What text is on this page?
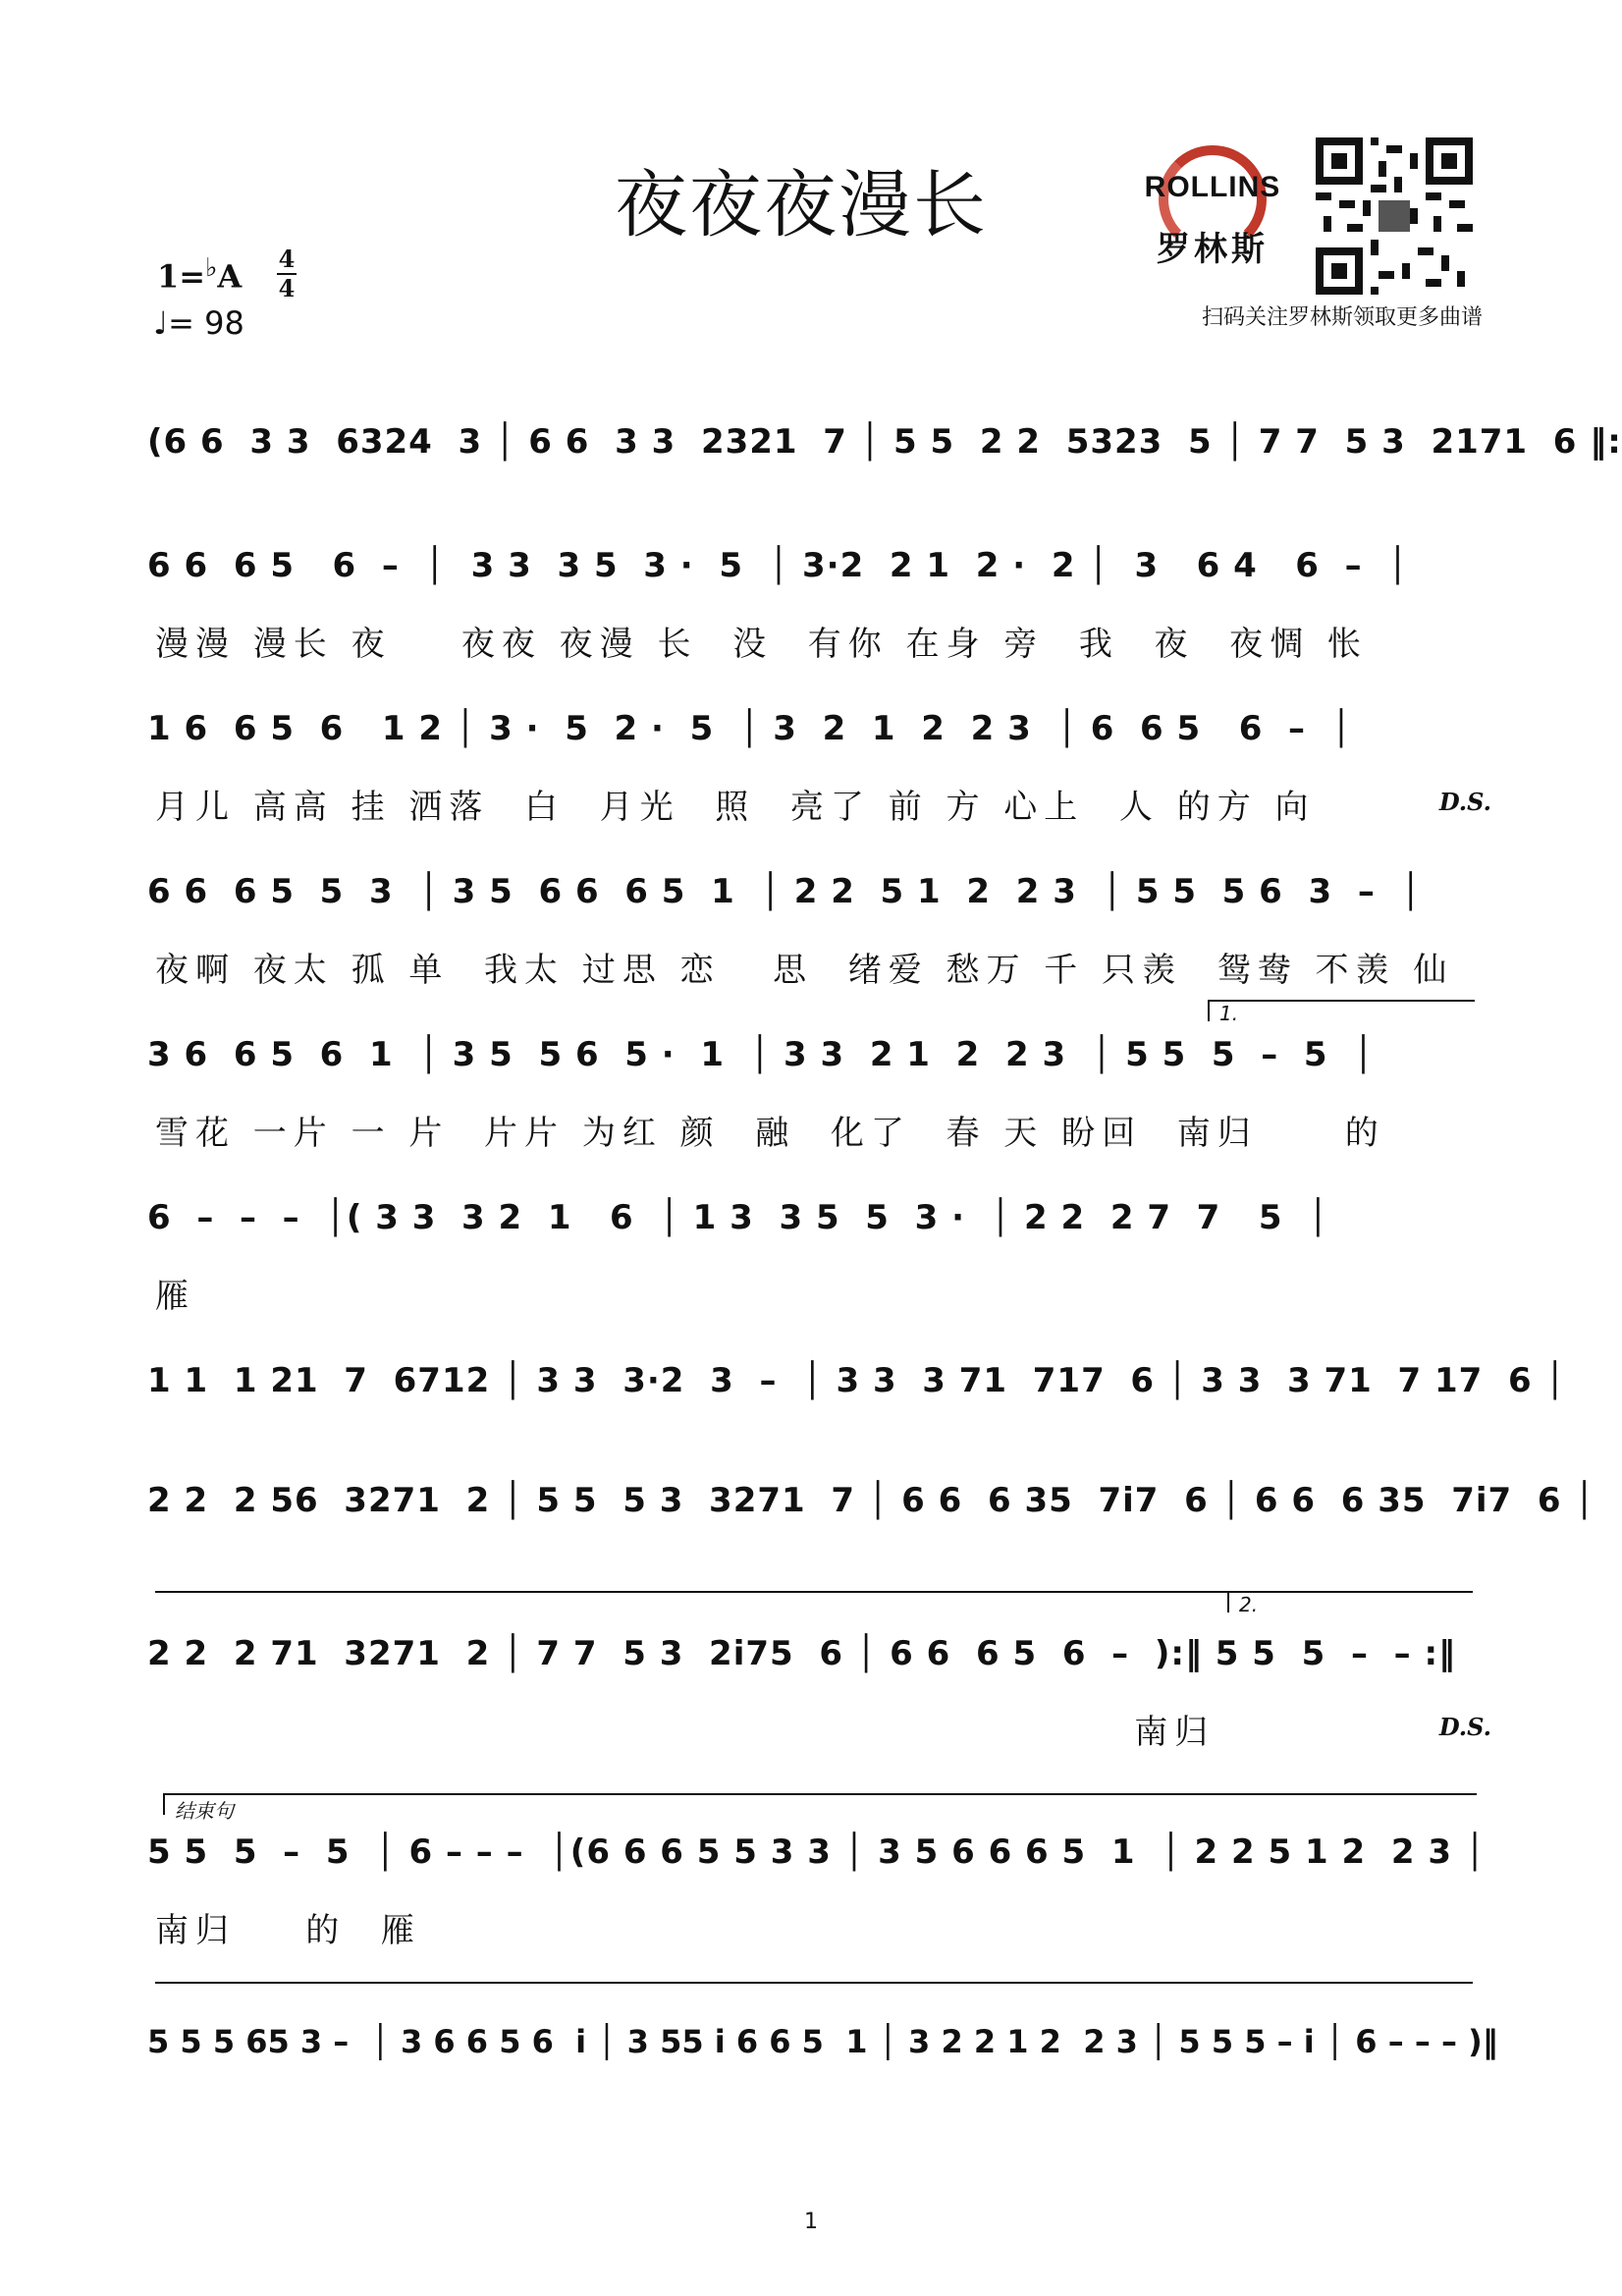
夜夜夜漫长
1=♭A 4
4
♩= 98
ROLLINS
罗林斯
扫码关注罗林斯领取更多曲谱
(6 6  3 3  6324  3 │ 6 6  3 3  2321  7 │ 5 5  2 2  5323  5 │ 7 7  5 3  2171  6 ‖:
6 6  6 5   6  –  │  3 3  3 5  3 ·  5  │ 3·2  2 1  2 ·  2 │  3   6 4   6  –  │
漫漫 漫长 夜    夜夜 夜漫 长  没  有你 在身 旁  我  夜  夜惆 怅
1 6  6 5  6   1 2 │ 3 ·  5  2 ·  5  │ 3  2  1  2  2 3  │ 6  6 5   6  –  │
月儿 高高 挂 洒落  白  月光  照  亮了 前 方 心上  人 的方 向	D.S.
6 6  6 5  5  3  │ 3 5  6 6  6 5  1  │ 2 2  5 1  2  2 3  │ 5 5  5 6  3  –  │
夜啊 夜太 孤 单  我太 过思 恋   思  绪爱 愁万 千 只羡  鸳鸯 不羡 仙
1.
3 6  6 5  6  1  │ 3 5  5 6  5 ·  1  │ 3 3  2 1  2  2 3  │ 5 5  5  –  5  │
雪花 一片 一 片  片片 为红 颜  融  化了  春 天 盼回  南归     的
6  –  –  –  │( 3 3  3 2  1   6  │ 1 3  3 5  5  3 ·  │ 2 2  2 7  7   5  │
雁
1 1  1 21  7  6712 │ 3 3  3·2  3  –  │ 3 3  3 71  717  6 │ 3 3  3 71  7 17  6 │
2 2  2 56  3271  2 │ 5 5  5 3  3271  7 │ 6 6  6 35  7i7  6 │ 6 6  6 35  7i7  6 │
2.
2 2  2 71  3271  2 │ 7 7  5 3  2i75  6 │ 6 6  6 5  6  –  ):‖ 5 5  5  –  – :‖
南归	D.S.
结束句
5 5  5  –  5  │ 6 – – –  │(6 6 6 5 5 3 3 │ 3 5 6 6 6 5  1  │ 2 2 5 1 2  2 3 │
南归    的  雁
5 5 5 65 3 –  │ 3 6 6 5 6  i │ 3 55 i 6 6 5  1 │ 3 2 2 1 2  2 3 │ 5 5 5 – i │ 6 – – – )‖
1
